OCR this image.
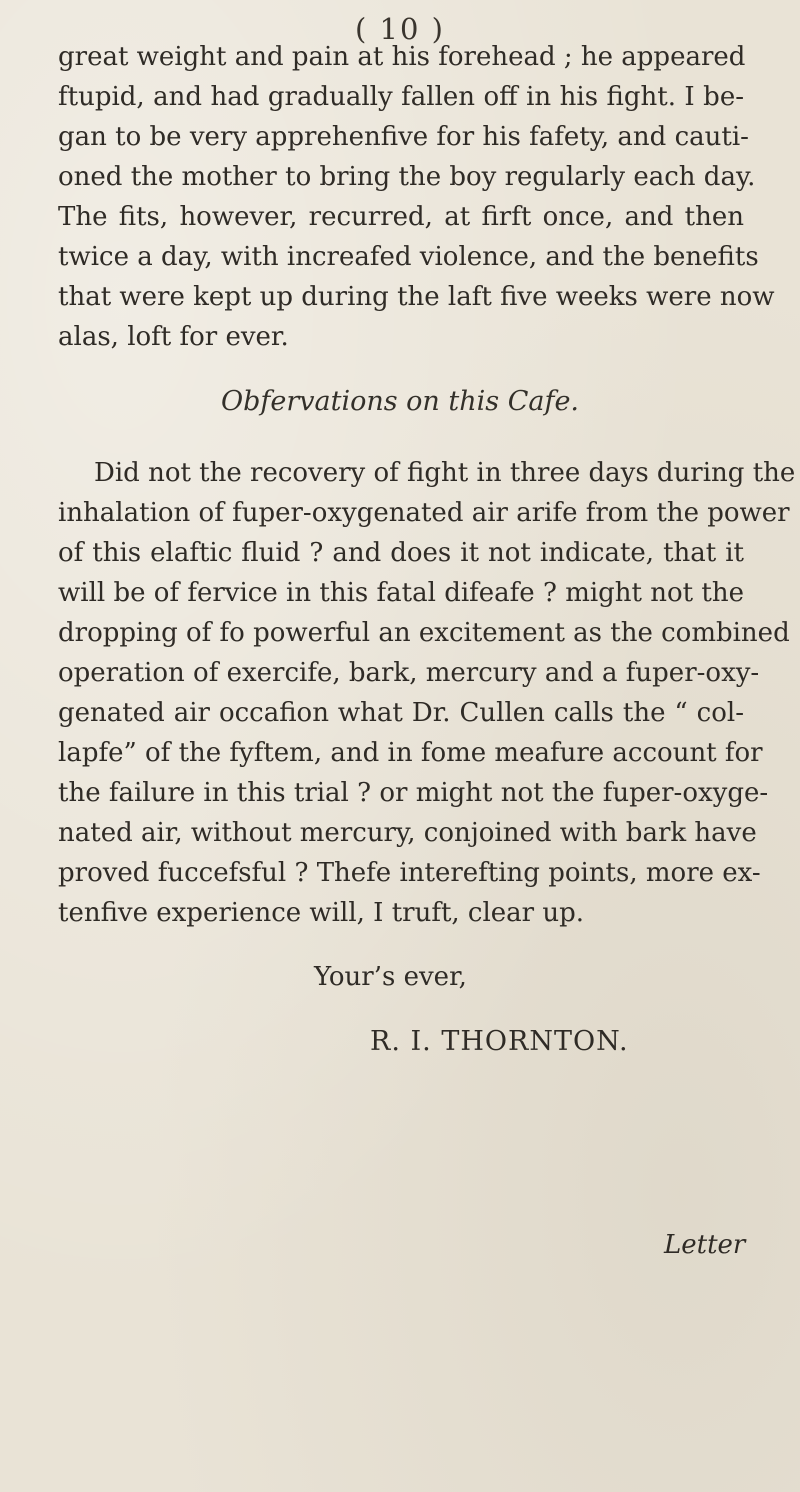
( 10 )
great weight and pain at his forehead ; he appeared
ftupid, and had gradually fallen off in his fight. I be-
gan to be very apprehenfive for his fafety, and cauti-
oned the mother to bring the boy regularly each day.
The fits, however, recurred, at firft once, and then
twice a day, with increafed violence, and the benefits
that were kept up during the laft five weeks were now
alas, loft for ever.
Obfervations on this Cafe.
Did not the recovery of fight in three days during the
inhalation of fuper-oxygenated air arife from the power
of this elaftic fluid ? and does it not indicate, that it
will be of fervice in this fatal difeafe ? might not the
dropping of fo powerful an excitement as the combined
operation of exercife, bark, mercury and a fuper-oxy-
genated air occafion what Dr. Cullen calls the “ col-
lapfe” of the fyftem, and in fome meafure account for
the failure in this trial ? or might not the fuper-oxyge-
nated air, without mercury, conjoined with bark have
proved fuccefsful ? Thefe interefting points, more ex-
tenfive experience will, I truft, clear up.
Your’s ever,
R. I. THORNTON.
Letter
